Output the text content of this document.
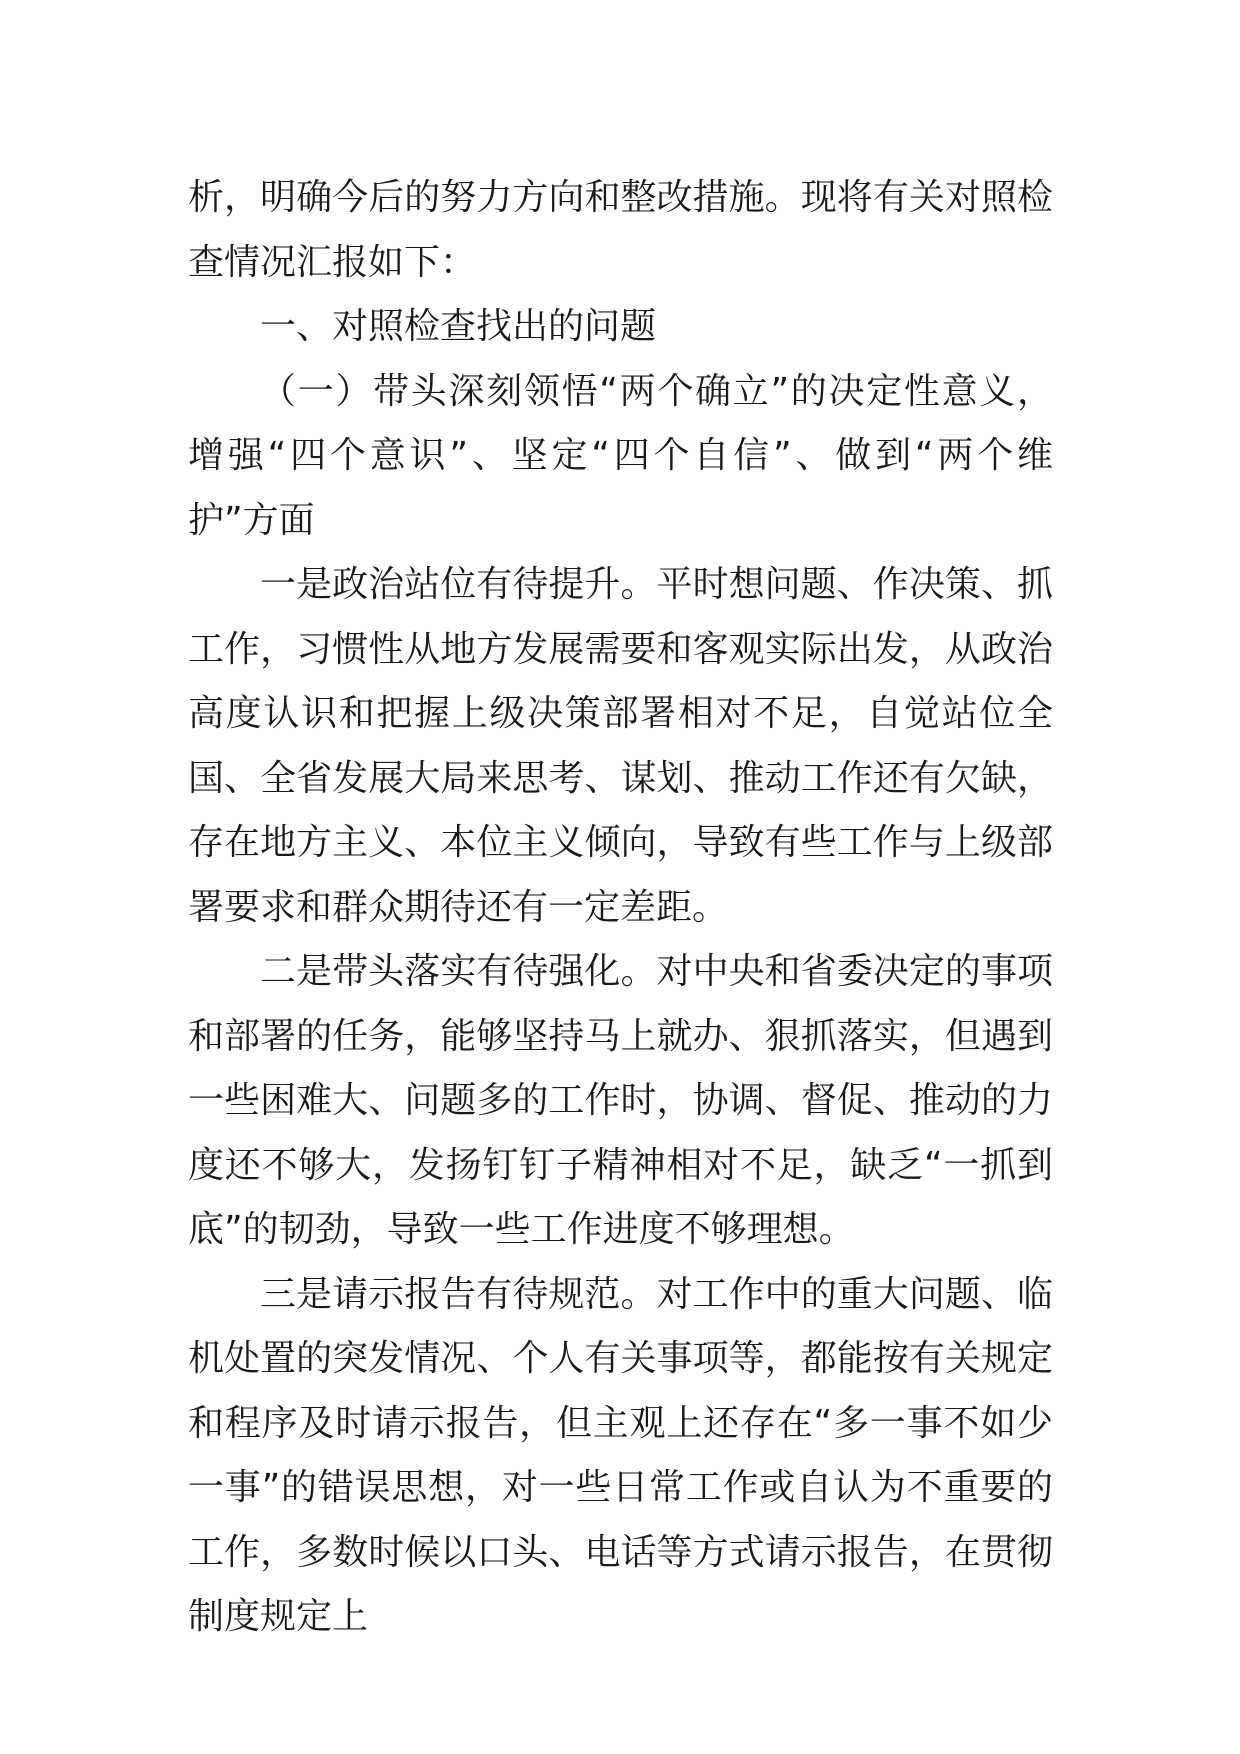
析，明确今后的努力方向和整改措施。现将有关对照检查情况汇报如下：

一、对照检查找出的问题

（一）带头深刻领悟“两个确立”的决定性意义，增强“四个意识”、坚定“四个自信”、做到“两个维护”方面

一是政治站位有待提升。平时想问题、作决策、抓工作，习惯性从地方发展需要和客观实际出发，从政治高度认识和把握上级决策部署相对不足，自觉站位全国、全省发展大局来思考、谋划、推动工作还有欠缺，存在地方主义、本位主义倾向，导致有些工作与上级部署要求和群众期待还有一定差距。

二是带头落实有待强化。对中央和省委决定的事项和部署的任务，能够坚持马上就办、狠抓落实，但遇到一些困难大、问题多的工作时，协调、督促、推动的力度还不够大，发扬钉钉子精神相对不足，缺乏“一抓到底”的韧劲，导致一些工作进度不够理想。

三是请示报告有待规范。对工作中的重大问题、临机处置的突发情况、个人有关事项等，都能按有关规定和程序及时请示报告，但主观上还存在“多一事不如少一事”的错误思想，对一些日常工作或自认为不重要的工作，多数时候以口头、电话等方式请示报告，在贯彻制度规定上
